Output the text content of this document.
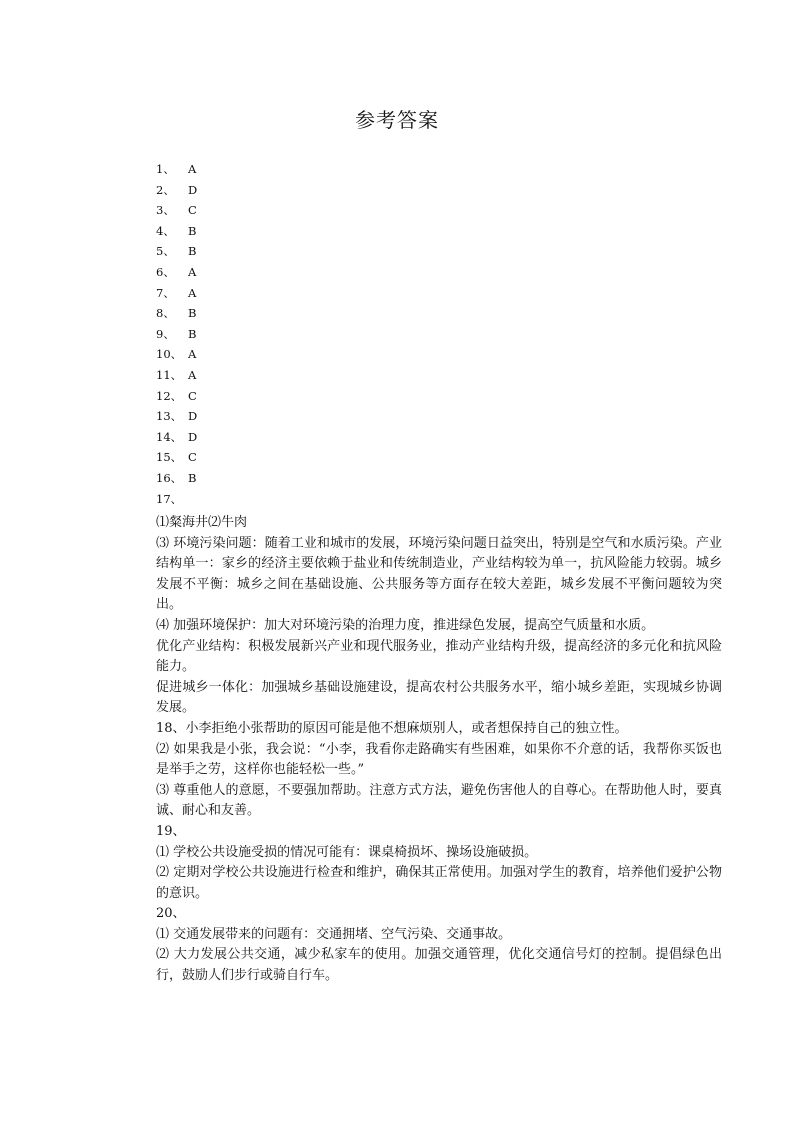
参考答案
1、	A
2、	D
3、	C
4、	B
5、	B
6、	A
7、	A
8、	B
9、	B
10、 A
11、 A
12、 C
13、 D
14、 D
15、 C
16、 B
17、

⑴粲海井⑵牛肉

⑶ 环境污染问题：随着工业和城市的发展，环境污染问题日益突出，特别是空气和水质污染。产业结构单一：家乡的经济主要依赖于盐业和传统制造业，产业结构较为单一，抗风险能力较弱。城乡发展不平衡：城乡之间在基础设施、公共服务等方面存在较大差距，城乡发展不平衡问题较为突出。

⑷ 加强环境保护：加大对环境污染的治理力度，推进绿色发展，提高空气质量和水质。

优化产业结构：积极发展新兴产业和现代服务业，推动产业结构升级，提高经济的多元化和抗风险能力。

促进城乡一体化：加强城乡基础设施建设，提高农村公共服务水平，缩小城乡差距，实现城乡协调发展。

18、小李拒绝小张帮助的原因可能是他不想麻烦别人，或者想保持自己的独立性。

⑵ 如果我是小张，我会说：“小李，我看你走路确实有些困难，如果你不介意的话，我帮你买饭也是举手之劳，这样你也能轻松一些。”

⑶ 尊重他人的意愿，不要强加帮助。注意方式方法，避免伤害他人的自尊心。在帮助他人时，要真诚、耐心和友善。

19、

⑴ 学校公共设施受损的情况可能有：课桌椅损坏、操场设施破损。

⑵ 定期对学校公共设施进行检查和维护，确保其正常使用。加强对学生的教育，培养他们爱护公物的意识。

20、

⑴ 交通发展带来的问题有：交通拥堵、空气污染、交通事故。

⑵ 大力发展公共交通，减少私家车的使用。加强交通管理，优化交通信号灯的控制。提倡绿色出行，鼓励人们步行或骑自行车。
